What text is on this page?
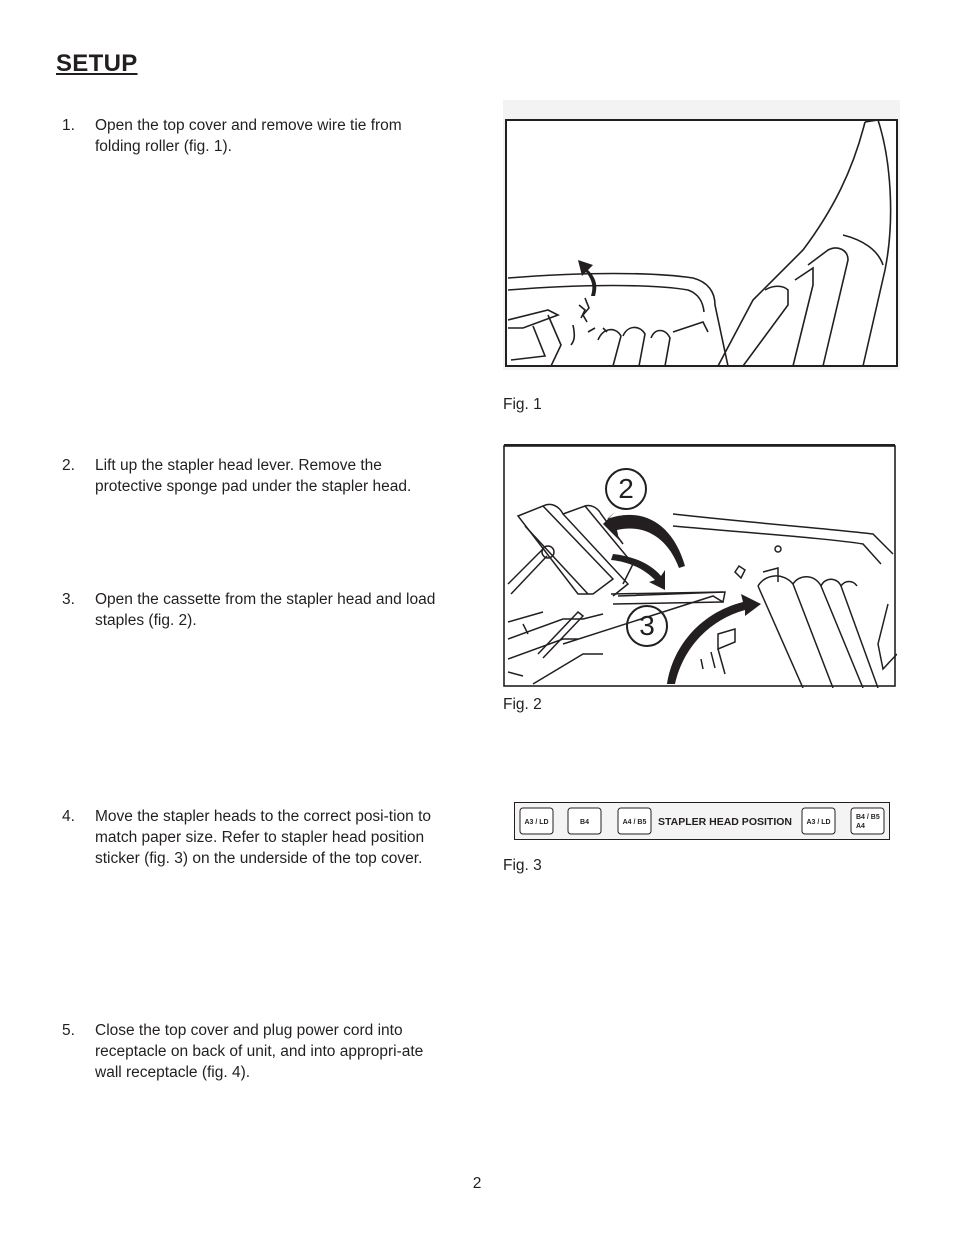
SETUP
1. Open the top cover and remove wire tie from folding roller (fig. 1).
2. Lift up the stapler head lever. Remove the protective sponge pad under the stapler head.
3. Open the cassette from the stapler head and load staples (fig. 2).
4. Move the stapler heads to the correct posi-tion to match paper size. Refer to stapler head position sticker (fig. 3) on the underside of the top cover.
5. Close the top cover and plug power cord into receptacle on back of unit, and into appropri-ate wall receptacle (fig. 4).
Fig. 1
2
3
Fig. 2
A3 / LD	B4	A4 / B5 STAPLER HEAD POSITION A3 / LD
B4 / B5
A4
Fig. 3
2
